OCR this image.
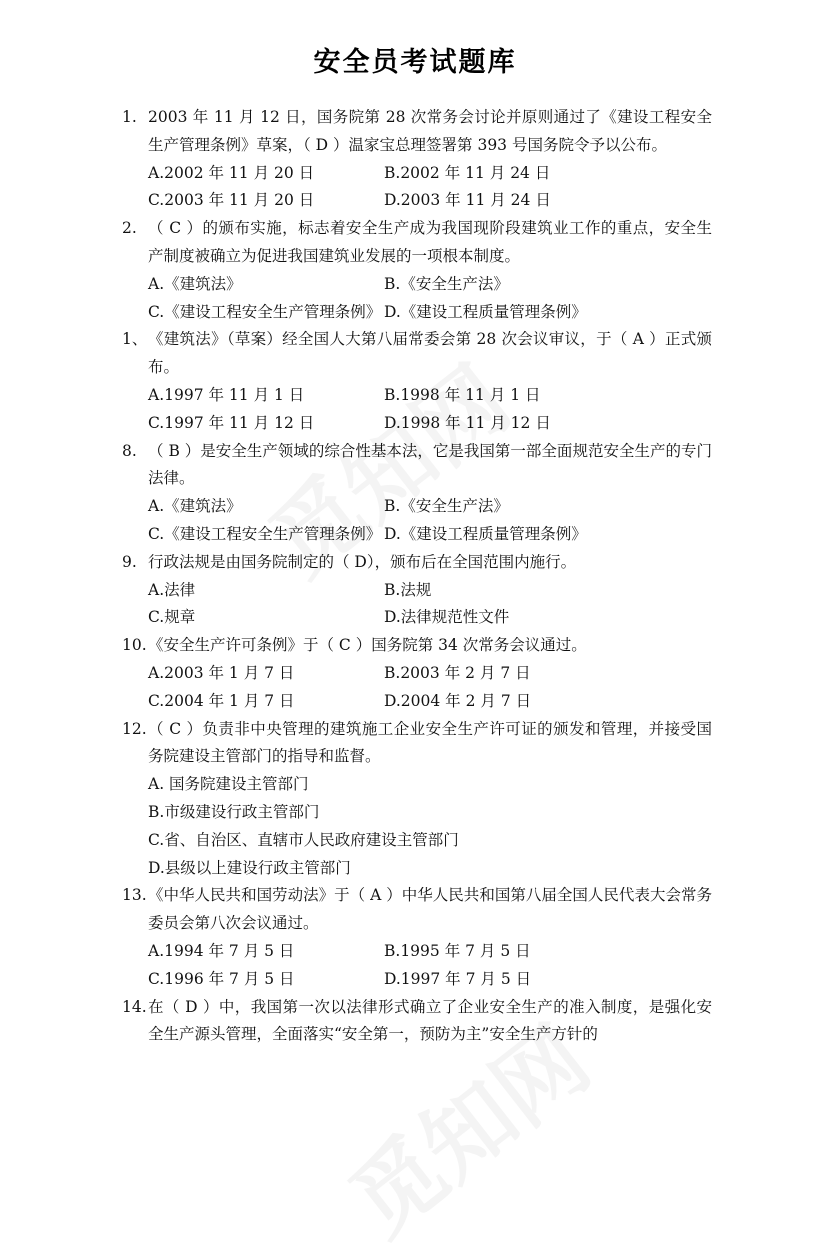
安全员考试题库
1. 2003 年 11 月 12 日，国务院第 28 次常务会讨论并原则通过了《建设工程安全生产管理条例》草案，（ D ）温家宝总理签署第 393 号国务院令予以公布。
A.2002 年 11 月 20 日	B.2002 年 11 月 24 日
C.2003 年 11 月 20 日	D.2003 年 11 月 24 日
2. （ C ）的颁布实施，标志着安全生产成为我国现阶段建筑业工作的重点，安全生产制度被确立为促进我国建筑业发展的一项根本制度。
A.《建筑法》	B.《安全生产法》
C.《建设工程安全生产管理条例》 D.《建设工程质量管理条例》
1、 《建筑法》（草案）经全国人大第八届常委会第 28 次会议审议，于（ A ）正式颁布。
A.1997 年 11 月 1 日	B.1998 年 11 月 1 日
C.1997 年 11 月 12 日	D.1998 年 11 月 12 日
8. （ B ）是安全生产领域的综合性基本法，它是我国第一部全面规范安全生产的专门法律。
A.《建筑法》	B.《安全生产法》
C.《建设工程安全生产管理条例》 D.《建设工程质量管理条例》
9. 行政法规是由国务院制定的（ D），颁布后在全国范围内施行。
A.法律	B.法规
C.规章	D.法律规范性文件
10. 《安全生产许可条例》于（ C ）国务院第 34 次常务会议通过。
A.2003 年 1 月 7 日	B.2003 年 2 月 7 日
C.2004 年 1 月 7 日	D.2004 年 2 月 7 日
12. （ C ）负责非中央管理的建筑施工企业安全生产许可证的颁发和管理，并接受国务院建设主管部门的指导和监督。
A. 国务院建设主管部门
B.市级建设行政主管部门
C.省、自治区、直辖市人民政府建设主管部门
D.县级以上建设行政主管部门
13. 《中华人民共和国劳动法》于（ A ）中华人民共和国第八届全国人民代表大会常务委员会第八次会议通过。
A.1994 年 7 月 5 日	B.1995 年 7 月 5 日
C.1996 年 7 月 5 日	D.1997 年 7 月 5 日
14. 在（ D ）中，我国第一次以法律形式确立了企业安全生产的准入制度，是强化安全生产源头管理，全面落实“安全第一，预防为主”安全生产方针的
